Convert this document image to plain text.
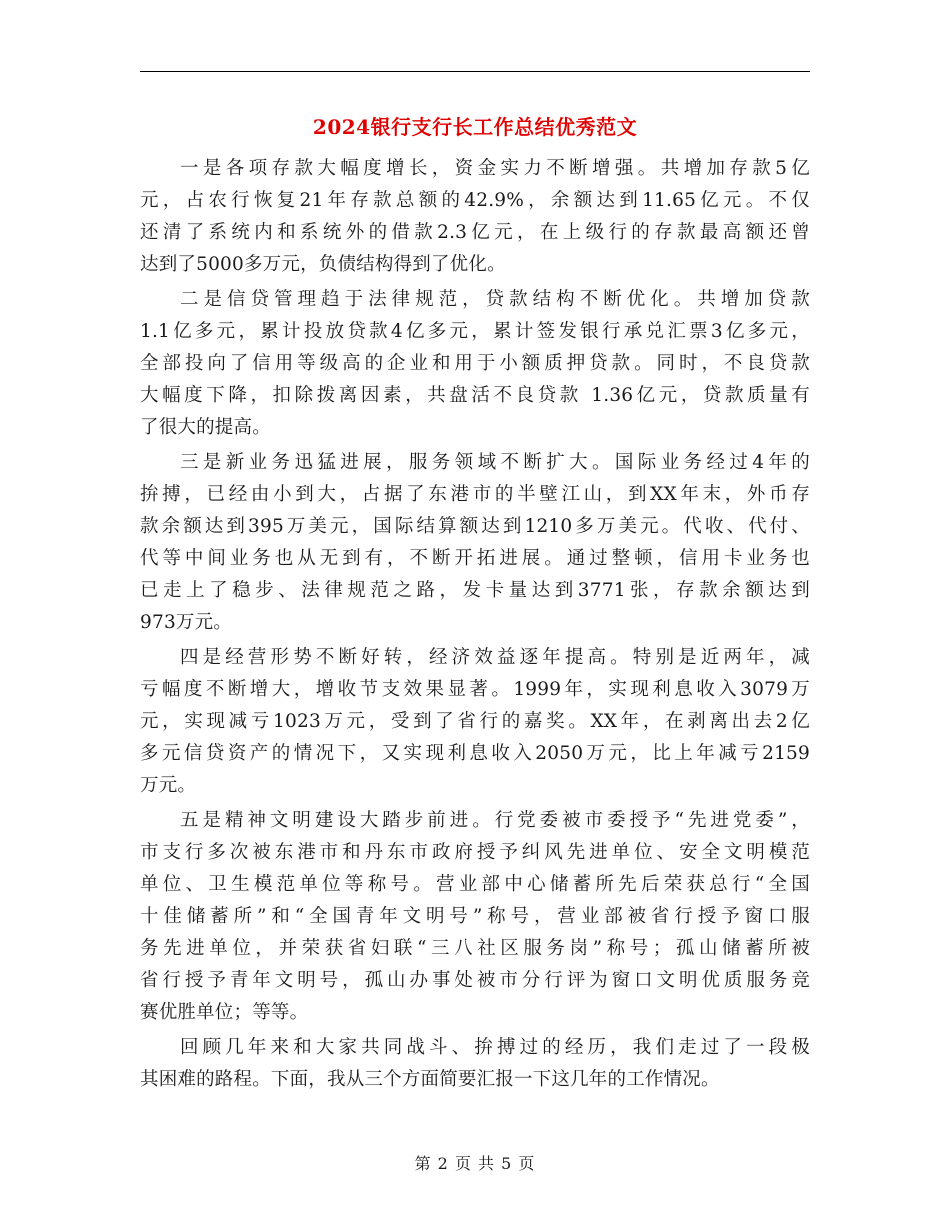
2024银行支行长工作总结优秀范文
一是各项存款大幅度增长，资金实力不断增强。共增加存款5亿
元，占农行恢复21年存款总额的42.9%，余额达到11.65亿元。不仅
还清了系统内和系统外的借款2.3亿元，在上级行的存款最高额还曾
达到了5000多万元，负债结构得到了优化。
二是信贷管理趋于法律规范，贷款结构不断优化。共增加贷款
1.1亿多元，累计投放贷款4亿多元，累计签发银行承兑汇票3亿多元，
全部投向了信用等级高的企业和用于小额质押贷款。同时，不良贷款
大幅度下降，扣除拨离因素，共盘活不良贷款 1.36亿元，贷款质量有
了很大的提高。
三是新业务迅猛进展，服务领域不断扩大。国际业务经过4年的
拚搏，已经由小到大，占据了东港市的半壁江山，到XX年末，外币存
款余额达到395万美元，国际结算额达到1210多万美元。代收、代付、
代等中间业务也从无到有，不断开拓进展。通过整顿，信用卡业务也
已走上了稳步、法律规范之路，发卡量达到3771张，存款余额达到
973万元。
四是经营形势不断好转，经济效益逐年提高。特别是近两年，减
亏幅度不断增大，增收节支效果显著。1999年，实现利息收入3079万
元，实现减亏1023万元，受到了省行的嘉奖。XX年，在剥离出去2亿
多元信贷资产的情况下，又实现利息收入2050万元，比上年减亏2159
万元。
五是精神文明建设大踏步前进。行党委被市委授予“先进党委”，
市支行多次被东港市和丹东市政府授予纠风先进单位、安全文明模范
单位、卫生模范单位等称号。营业部中心储蓄所先后荣获总行“全国
十佳储蓄所”和“全国青年文明号”称号，营业部被省行授予窗口服
务先进单位，并荣获省妇联“三八社区服务岗”称号；孤山储蓄所被
省行授予青年文明号，孤山办事处被市分行评为窗口文明优质服务竞
赛优胜单位；等等。
回顾几年来和大家共同战斗、拚搏过的经历，我们走过了一段极
其困难的路程。下面，我从三个方面简要汇报一下这几年的工作情况。
第 2 页 共 5 页
